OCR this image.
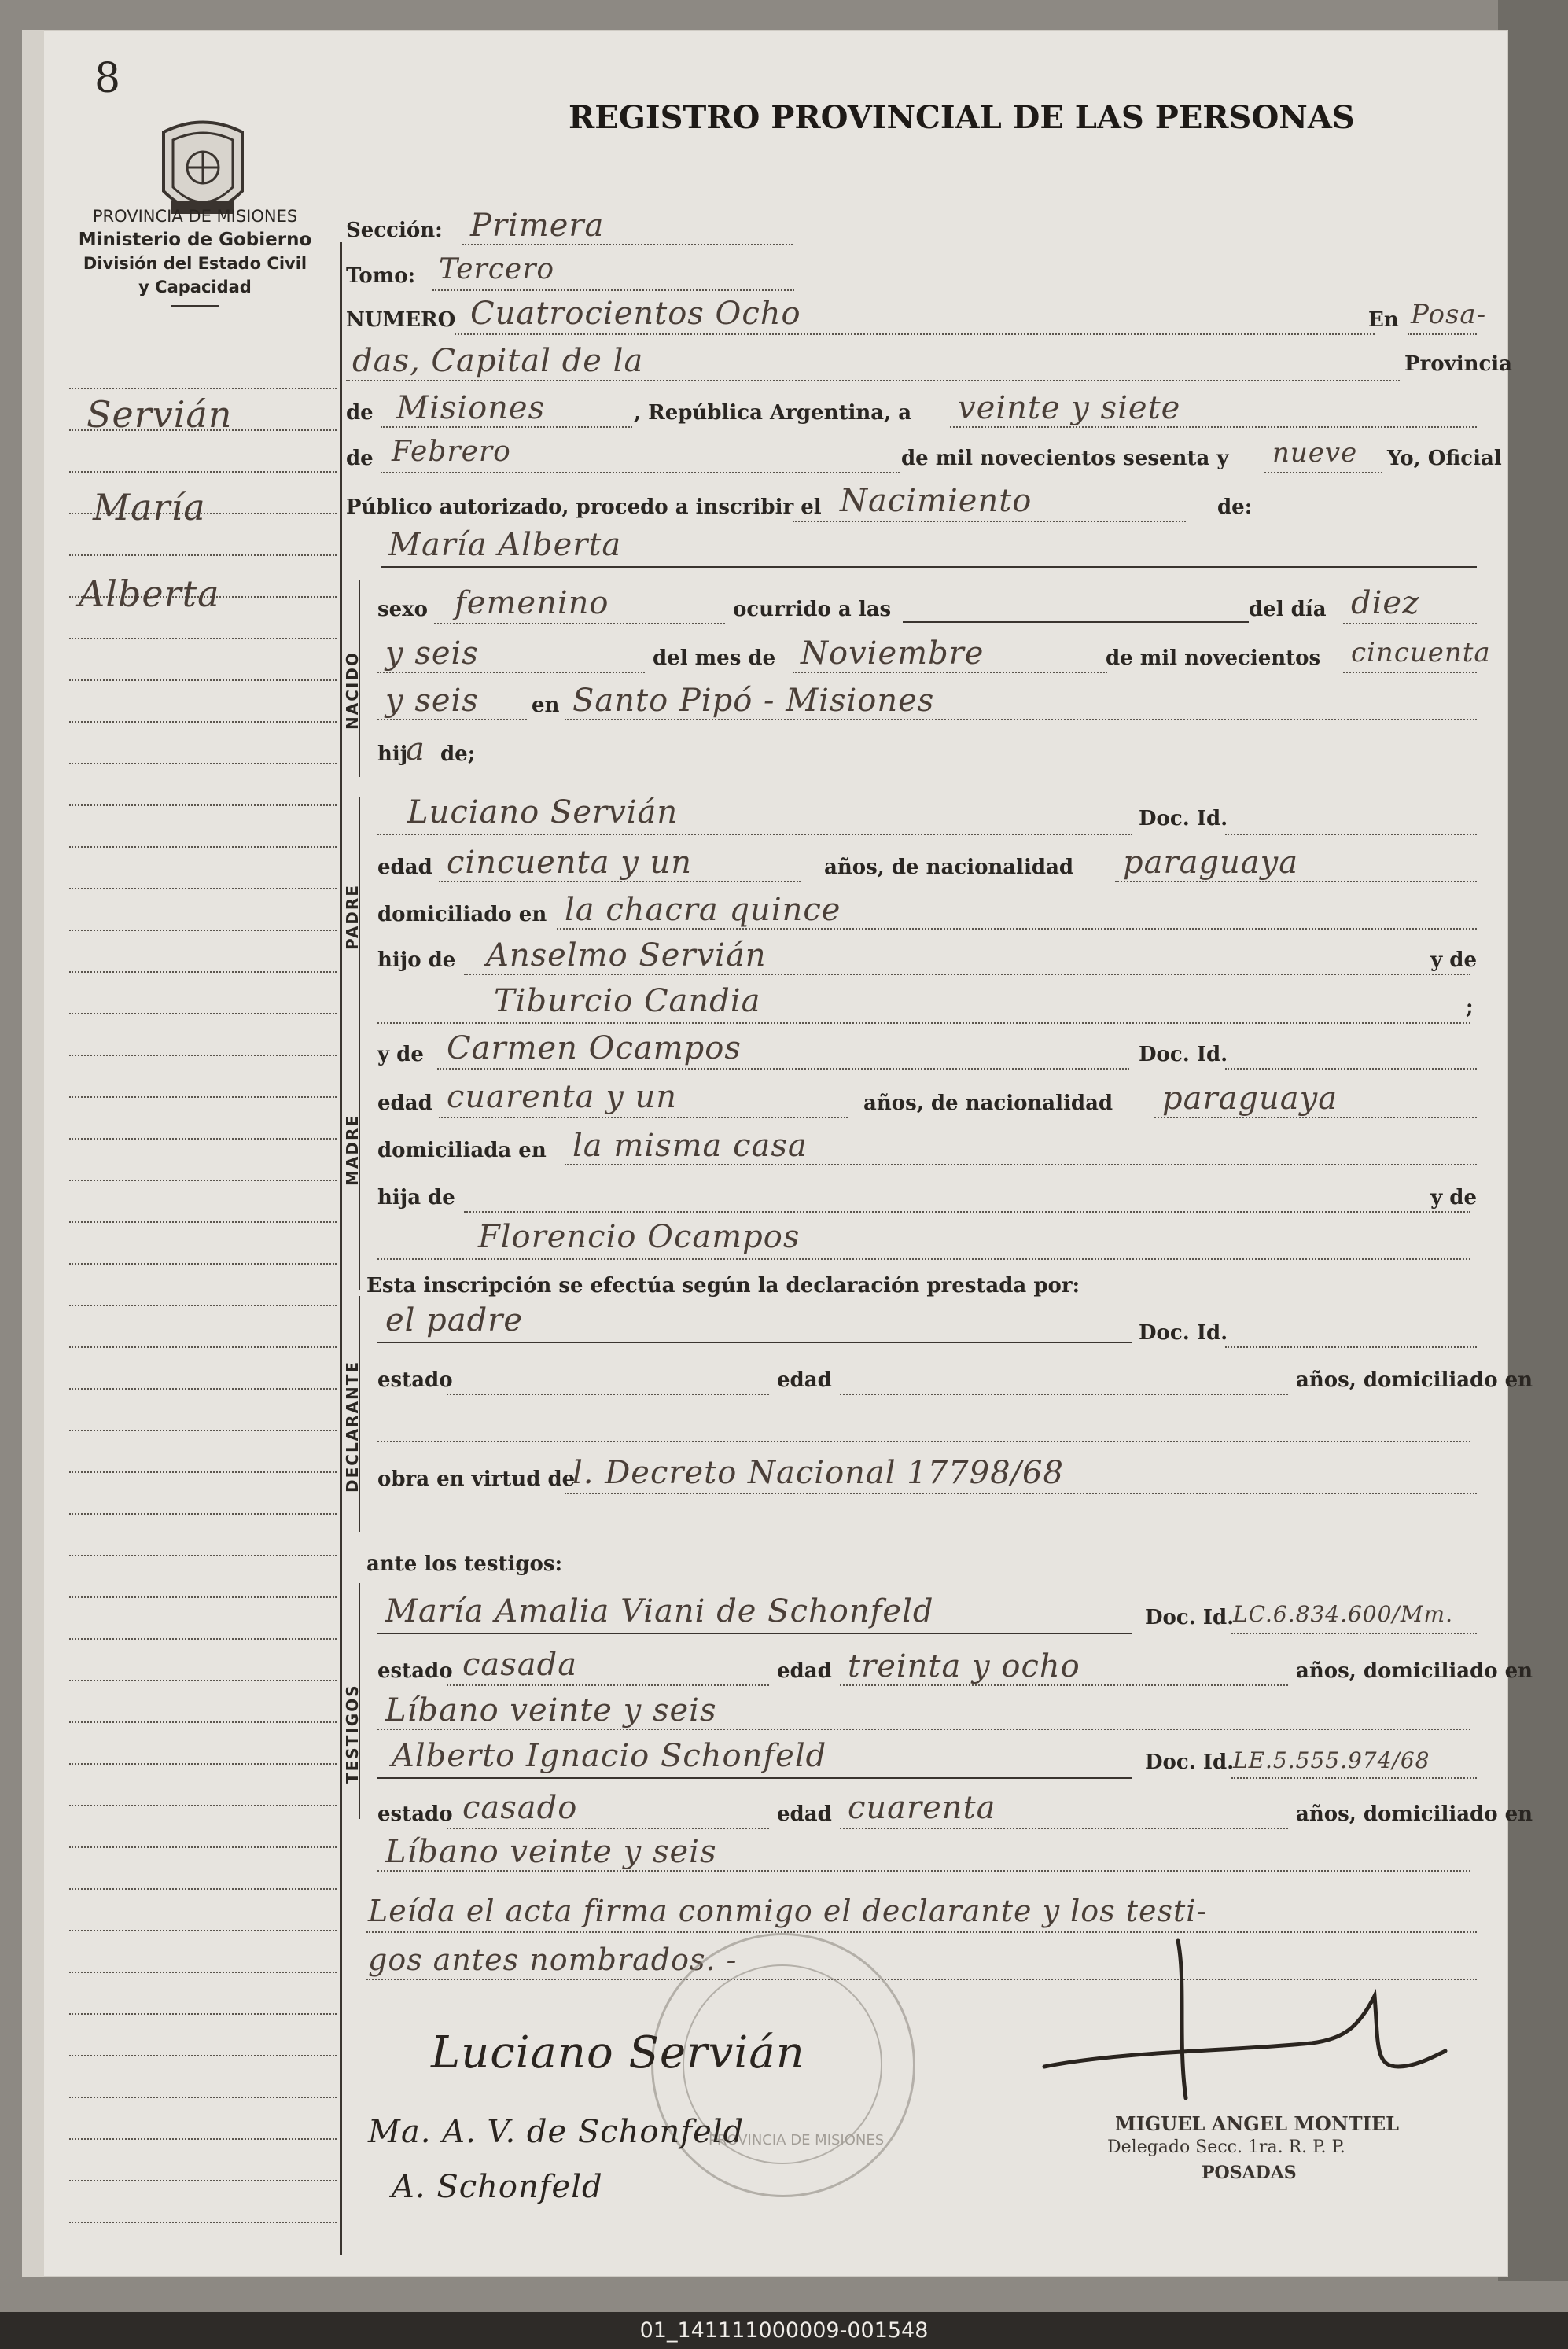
8
REGISTRO PROVINCIAL DE LAS PERSONAS
PROVINCIA DE MISIONES
Ministerio de Gobierno
División del Estado Civil
y Capacidad
Servián
María
Alberta
Sección: Primera
Tomo: Tercero
NUMERO Cuatrocientos Ocho	En Posa-
das, Capital de la	Provincia
de Misiones	, República Argentina, a veinte y siete
de Febrero	de mil novecientos sesenta y nueve Yo, Oficial
Público autorizado, procedo a inscribir el Nacimiento	de:
María Alberta
NACIDO
sexo femenino	ocurrido a las	del día diez
y seis	del mes de Noviembre	de mil novecientos cincuenta
y seis	en Santo Pipó - Misiones
hij
a de;
PADRE
Luciano Servián	Doc. Id.
edad cincuenta y un	años, de nacionalidad paraguaya
domiciliado en la chacra quince
hijo de Anselmo Servián	y de
Tiburcio Candia	;
MADRE
y de Carmen Ocampos	Doc. Id.
edad cuarenta y un	años, de nacionalidad paraguaya
domiciliada en la misma casa
hija de	y de
Florencio Ocampos
Esta inscripción se efectúa según la declaración prestada por:
DECLARANTE
el padre	Doc. Id.
estado	edad	años, domiciliado en
obra en virtud de
l. Decreto Nacional 17798/68
ante los testigos:
TESTIGOS
María Amalia Viani de Schonfeld	Doc. Id.
LC.6.834.600/Mm.
estado casada	edad treinta y ocho	años, domiciliado en
Líbano veinte y seis
Alberto Ignacio Schonfeld	Doc. Id.
LE.5.555.974/68
estado casado	edad cuarenta	años, domiciliado en
Líbano veinte y seis
Leída el acta firma conmigo el declarante y los testi-
gos antes nombrados. -
PROVINCIA DE MISIONES
Luciano Servián
Ma. A. V. de Schonfeld
A. Schonfeld
MIGUEL ANGEL MONTIEL
Delegado Secc. 1ra. R. P. P.
POSADAS
01_141111000009-001548
